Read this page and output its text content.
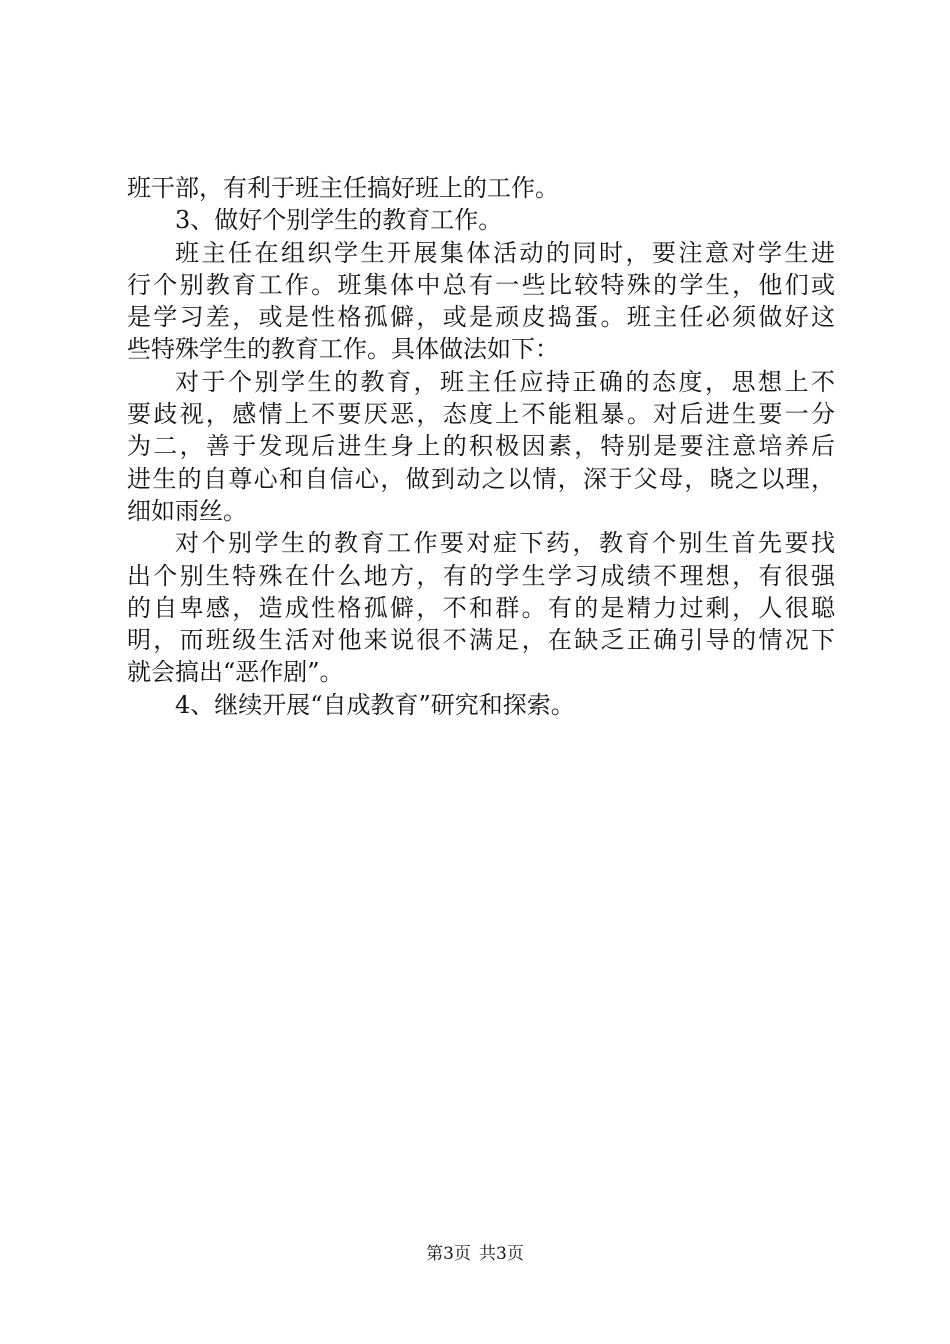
班干部，有利于班主任搞好班上的工作。
3、做好个别学生的教育工作。
班主任在组织学生开展集体活动的同时，要注意对学生进
行个别教育工作。班集体中总有一些比较特殊的学生，他们或
是学习差，或是性格孤僻，或是顽皮捣蛋。班主任必须做好这
些特殊学生的教育工作。具体做法如下：
对于个别学生的教育，班主任应持正确的态度，思想上不
要歧视，感情上不要厌恶，态度上不能粗暴。对后进生要一分
为二，善于发现后进生身上的积极因素，特别是要注意培养后
进生的自尊心和自信心，做到动之以情，深于父母，晓之以理，
细如雨丝。
对个别学生的教育工作要对症下药，教育个别生首先要找
出个别生特殊在什么地方，有的学生学习成绩不理想，有很强
的自卑感，造成性格孤僻，不和群。有的是精力过剩，人很聪
明，而班级生活对他来说很不满足，在缺乏正确引导的情况下
就会搞出“恶作剧”。
4、继续开展“自成教育”研究和探索。
第3页 共3页
